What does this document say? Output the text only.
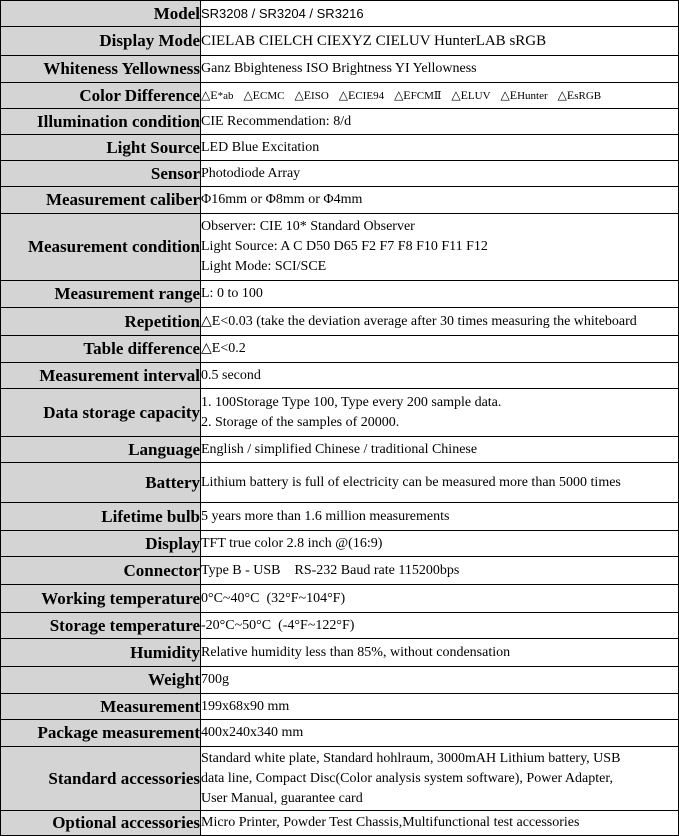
Model	SR3208 / SR3204 / SR3216
Display Mode	CIELAB CIELCH CIEXYZ CIELUV HunterLAB sRGB
Whiteness Yellowness	Ganz Bbighteness ISO Brightness YI Yellowness
Color Difference	△E*ab △ECMC △EISO △ECIE94 △EFCMⅡ △ELUV △EHunter △EsRGB
Illumination condition	CIE Recommendation: 8/d
Light Source	LED Blue Excitation
Sensor	Photodiode Array
Measurement caliber	Φ16mm or Φ8mm or Φ4mm
Measurement condition	Observer: CIE 10* Standard Observer
Light Source: A C D50 D65 F2 F7 F8 F10 F11 F12
Light Mode: SCI/SCE

Measurement range	L: 0 to 100
Repetition	△E<0.03 (take the deviation average after 30 times measuring the whiteboard
Table difference	△E<0.2
Measurement interval	0.5 second
Data storage capacity	1. 100Storage Type 100, Type every 200 sample data.
2. Storage of the samples of 20000.

Language	English / simplified Chinese / traditional Chinese
Battery	Lithium battery is full of electricity can be measured more than 5000 times
Lifetime bulb	5 years more than 1.6 million measurements
Display	TFT true color 2.8 inch @(16:9)
Connector	Type B - USB    RS-232 Baud rate 115200bps
Working temperature	0°C~40°C  (32°F~104°F)
Storage temperature	-20°C~50°C  (-4°F~122°F)
Humidity	Relative humidity less than 85%, without condensation
Weight	700g
Measurement	199x68x90 mm
Package measurement	400x240x340 mm
Standard accessories	Standard white plate, Standard hohlraum, 3000mAH Lithium battery, USB
data line, Compact Disc(Color analysis system software), Power Adapter,
User Manual, guarantee card

Optional accessories	Micro Printer, Powder Test Chassis,Multifunctional test accessories
